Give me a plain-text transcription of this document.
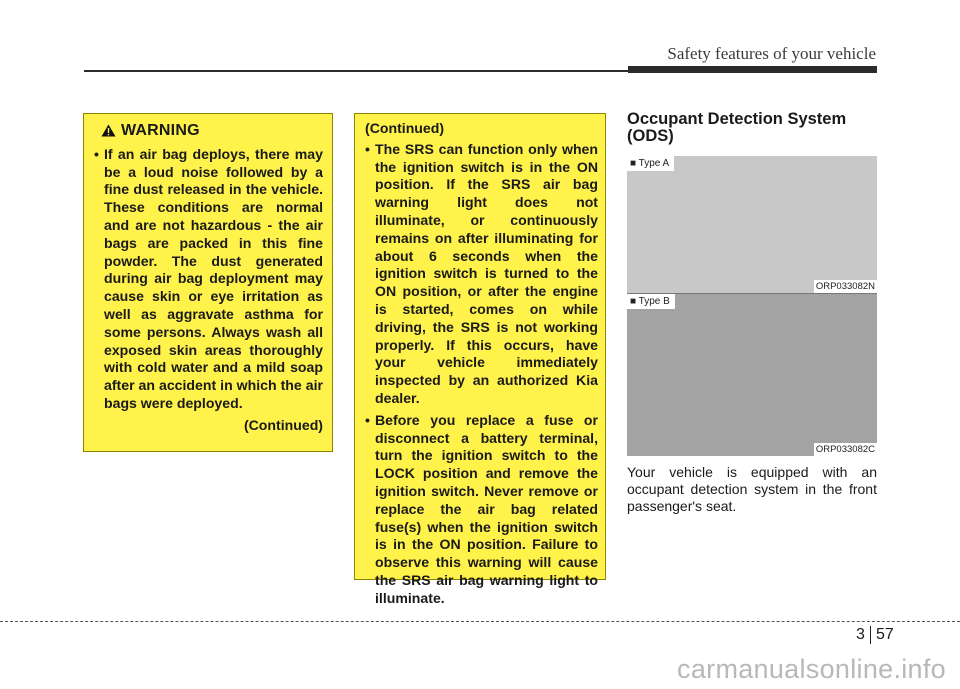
Safety features of your vehicle
WARNING
• If an air bag deploys, there may be a loud noise followed by a fine dust released in the vehicle. These conditions are normal and are not hazardous - the air bags are packed in this fine powder. The dust generated during air bag deployment may cause skin or eye irritation as well as aggravate asthma for some persons. Always wash all exposed skin areas thoroughly with cold water and a mild soap after an accident in which the air bags were deployed.
(Continued)
(Continued)
• The SRS can function only when the ignition switch is in the ON position. If the SRS air bag warning light does not illuminate, or continuously remains on after illuminating for about 6 seconds when the ignition switch is turned to the ON position, or after the engine is started, comes on while driving, the SRS is not working properly. If this occurs, have your vehicle immediately inspected by an authorized Kia dealer.
• Before you replace a fuse or disconnect a battery terminal, turn the ignition switch to the LOCK position and remove the ignition switch. Never remove or replace the air bag related fuse(s) when the ignition switch is in the ON position. Failure to observe this warning will cause the SRS air bag warning light to illuminate.
Occupant Detection System (ODS)
■ Type A
ORP033082N
■ Type B
ORP033082C
Your vehicle is equipped with an occupant detection system in the front passenger's seat.
3 57
carmanualsonline.info
